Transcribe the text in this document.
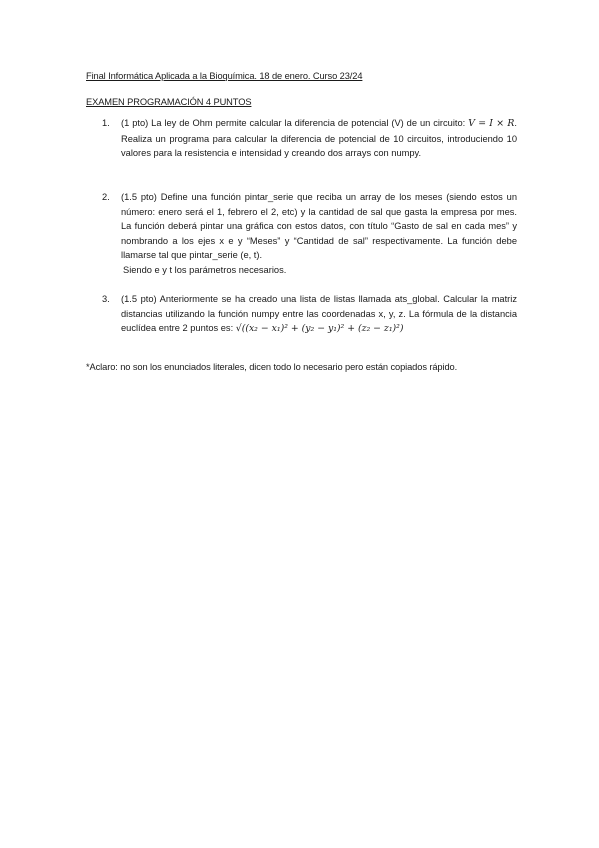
Final Informática Aplicada a la Bioquímica. 18 de enero. Curso 23/24
EXAMEN PROGRAMACIÓN 4 PUNTOS
1.	(1 pto) La ley de Ohm permite calcular la diferencia de potencial (V) de un circuito: V = I × R. Realiza un programa para calcular la diferencia de potencial de 10 circuitos, introduciendo 10 valores para la resistencia e intensidad y creando dos arrays con numpy.
2.	(1.5 pto) Define una función pintar_serie que reciba un array de los meses (siendo estos un número: enero será el 1, febrero el 2, etc) y la cantidad de sal que gasta la empresa por mes. La función deberá pintar una gráfica con estos datos, con título “Gasto de sal en cada mes” y nombrando a los ejes x e y “Meses” y “Cantidad de sal” respectivamente. La función debe llamarse tal que pintar_serie (e, t).
Siendo e y t los parámetros necesarios.
3.	(1.5 pto) Anteriormente se ha creado una lista de listas llamada ats_global. Calcular la matriz distancias utilizando la función numpy entre las coordenadas x, y, z. La fórmula de la distancia euclídea entre 2 puntos es: √((x₂ − x₁)² + (y₂ − y₁)² + (z₂ − z₁)²)
*Aclaro: no son los enunciados literales, dicen todo lo necesario pero están copiados rápido.
